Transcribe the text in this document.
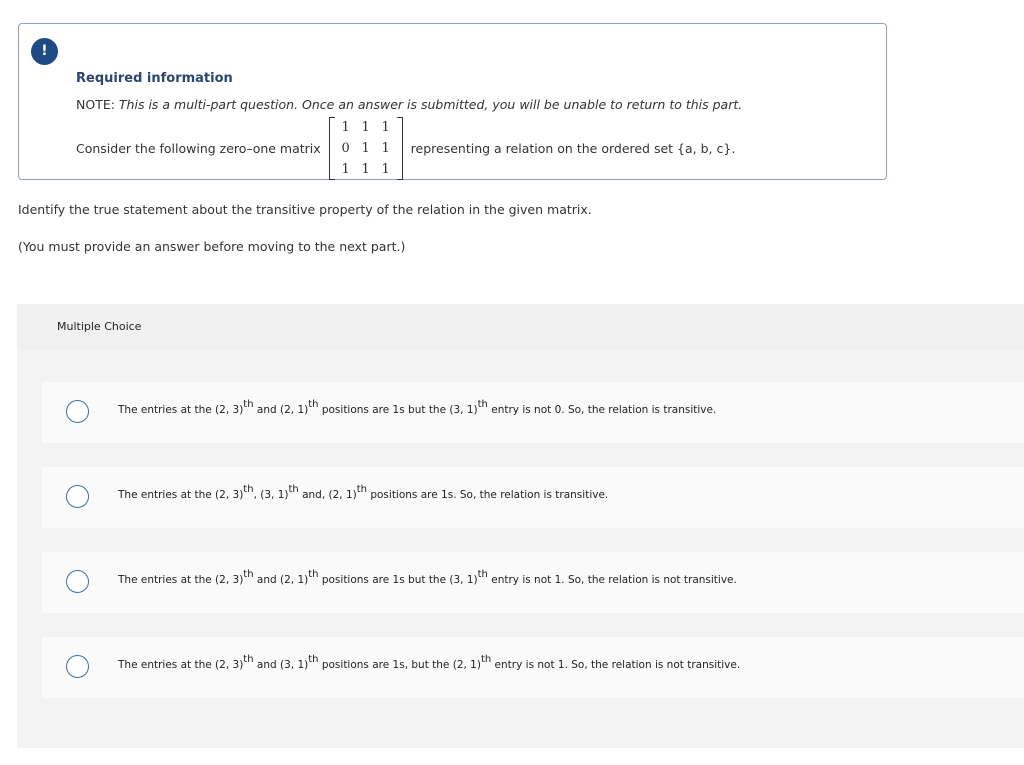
!
Required information
NOTE: This is a multi-part question. Once an answer is submitted, you will be unable to return to this part.
Consider the following zero–one matrix
1 1 1
0 1 1
1 1 1
representing a relation on the ordered set {a, b, c}.
Identify the true statement about the transitive property of the relation in the given matrix.
(You must provide an answer before moving to the next part.)
Multiple Choice
The entries at the (2, 3)$^{th}$ and (2, 1)$^{th}$ positions are 1s but the (3, 1)$^{th}$ entry is not 0. So, the relation is transitive.
The entries at the (2, 3)$^{th}$, (3, 1)$^{th}$ and, (2, 1)$^{th}$ positions are 1s. So, the relation is transitive.
The entries at the (2, 3)$^{th}$ and (2, 1)$^{th}$ positions are 1s but the (3, 1)$^{th}$ entry is not 1. So, the relation is not transitive.
The entries at the (2, 3)$^{th}$ and (3, 1)$^{th}$ positions are 1s, but the (2, 1)$^{th}$ entry is not 1. So, the relation is not transitive.
